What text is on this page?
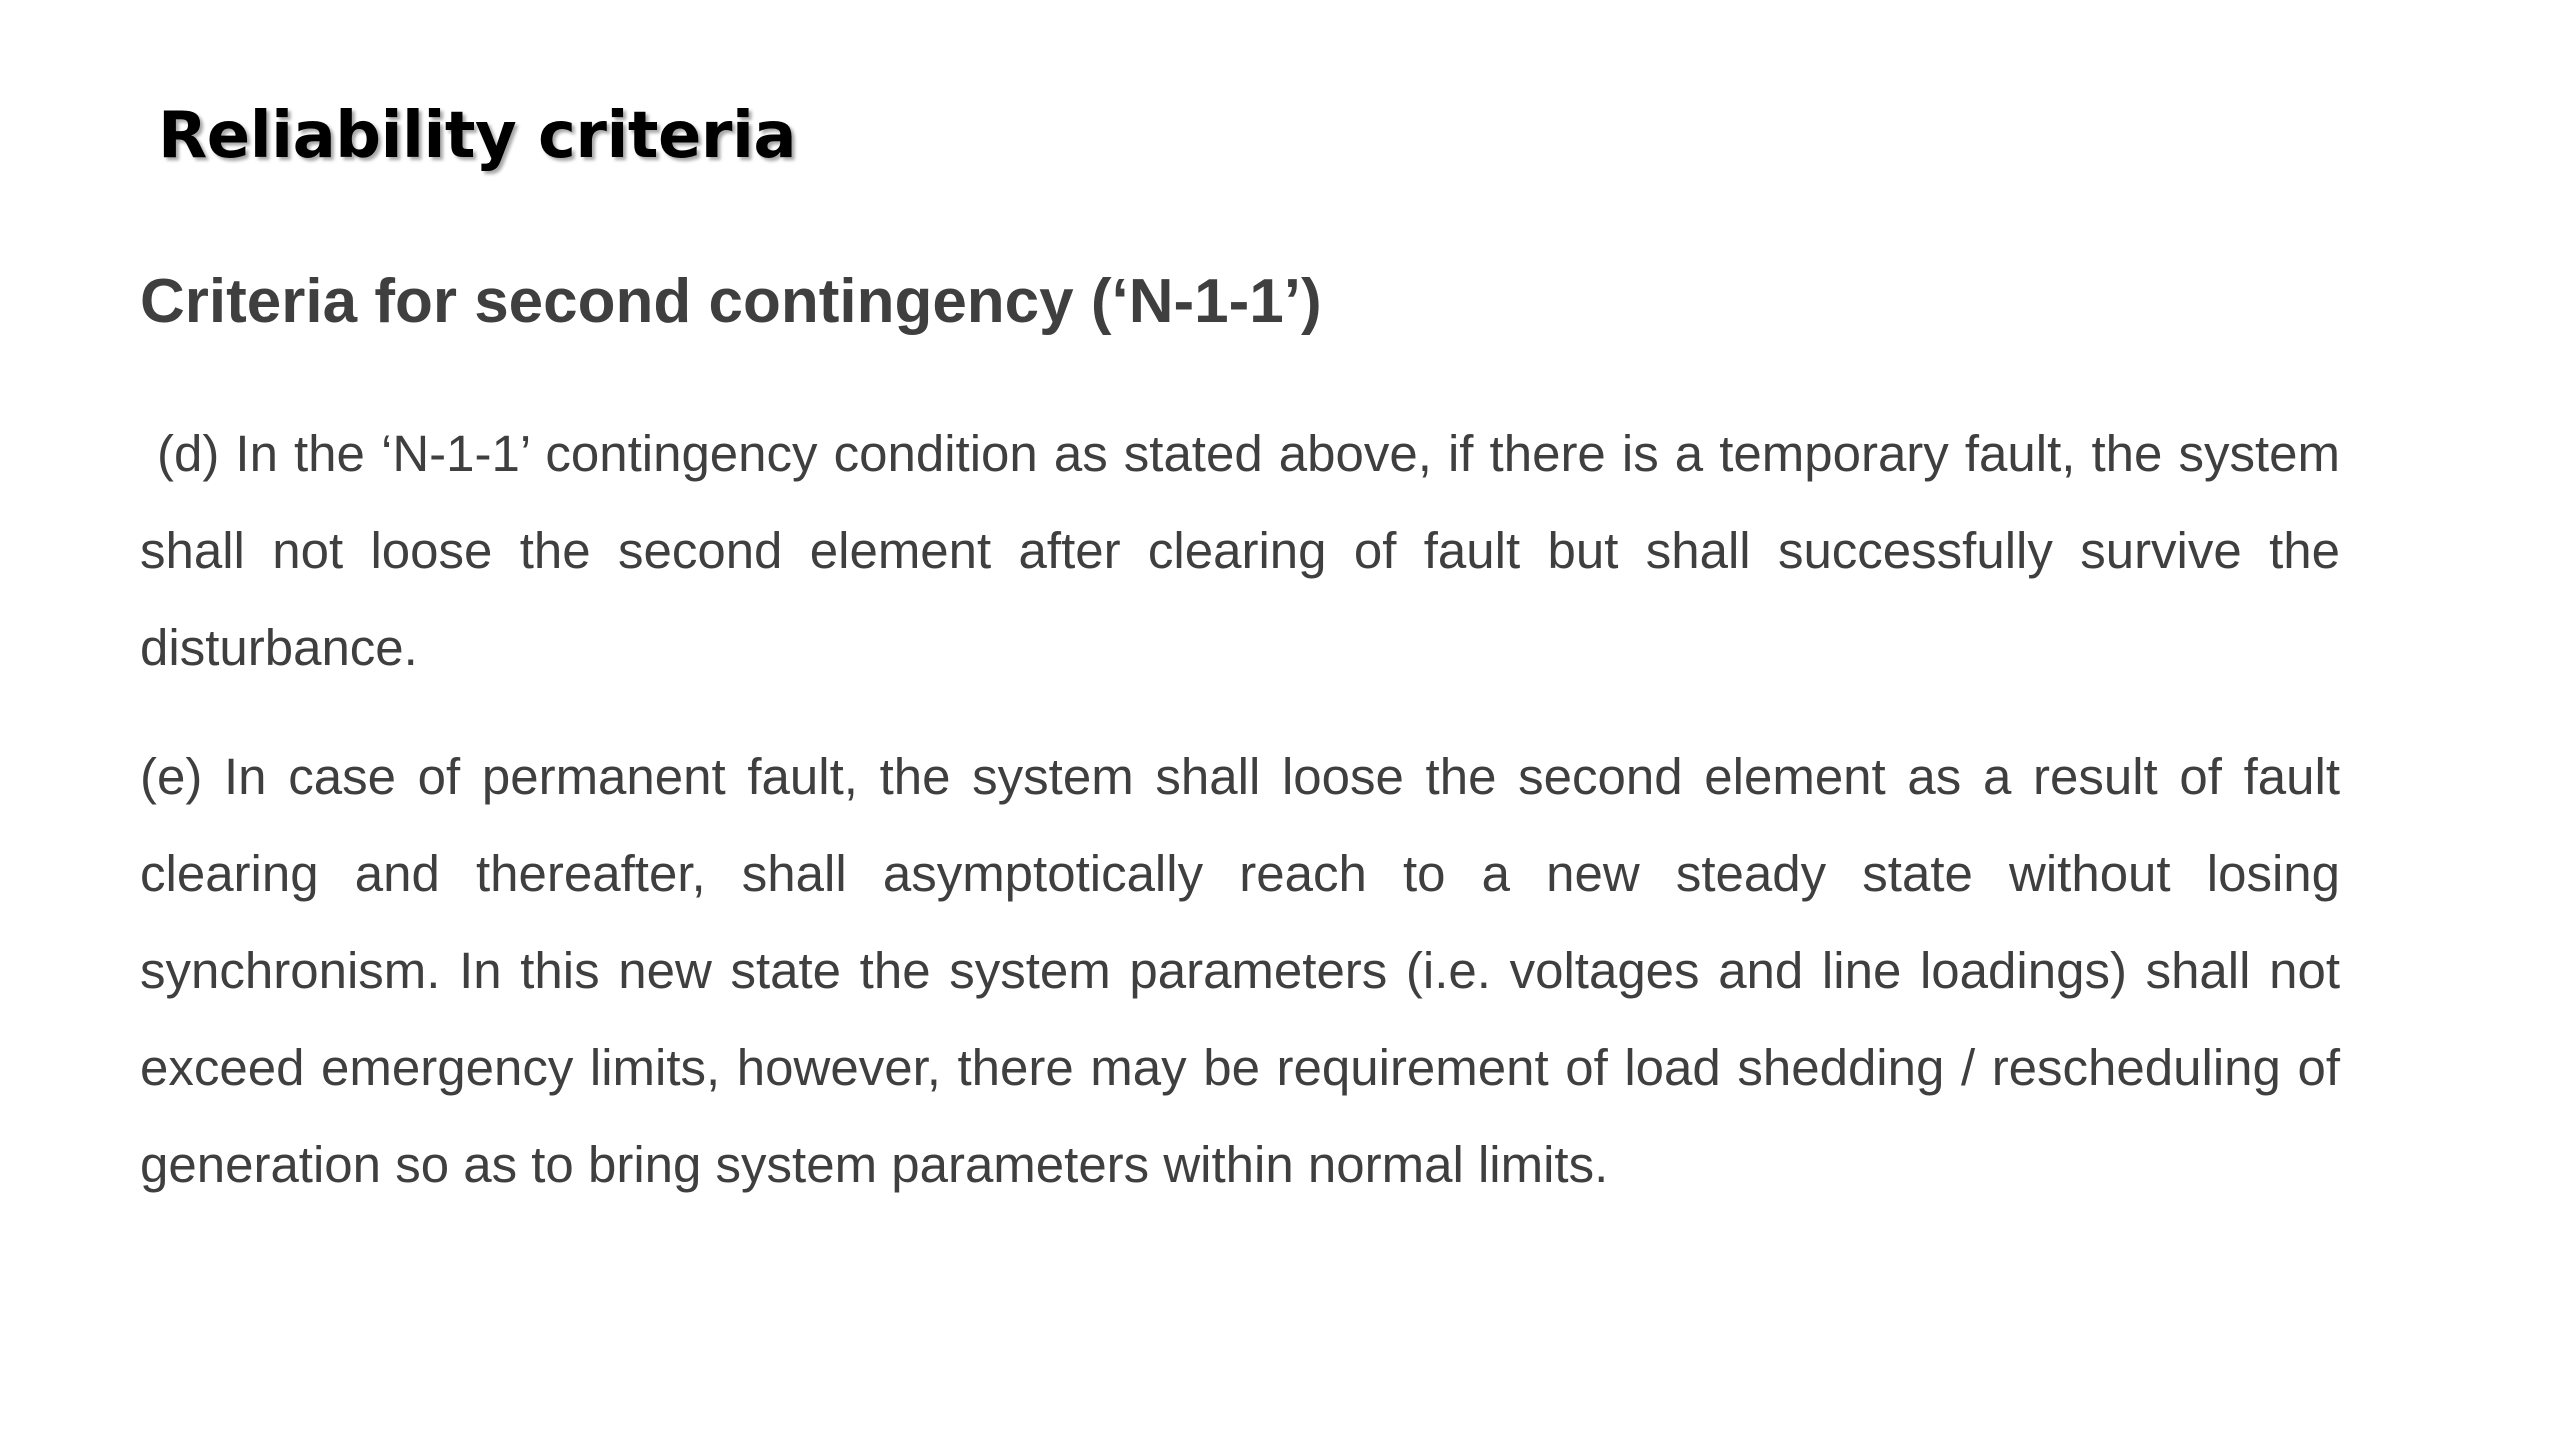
Reliability criteria
Criteria for second contingency (‘N-1-1’)

(d) In the ‘N-1-1’ contingency condition as stated above, if there is a temporary fault, the system shall not loose the second element after clearing of fault but shall successfully survive the disturbance.

(e) In case of permanent fault, the system shall loose the second element as a result of fault clearing and thereafter, shall asymptotically reach to a new steady state without losing synchronism. In this new state the system parameters (i.e. voltages and line loadings) shall not exceed emergency limits, however, there may be requirement of load shedding / rescheduling of generation so as to bring system parameters within normal limits.
